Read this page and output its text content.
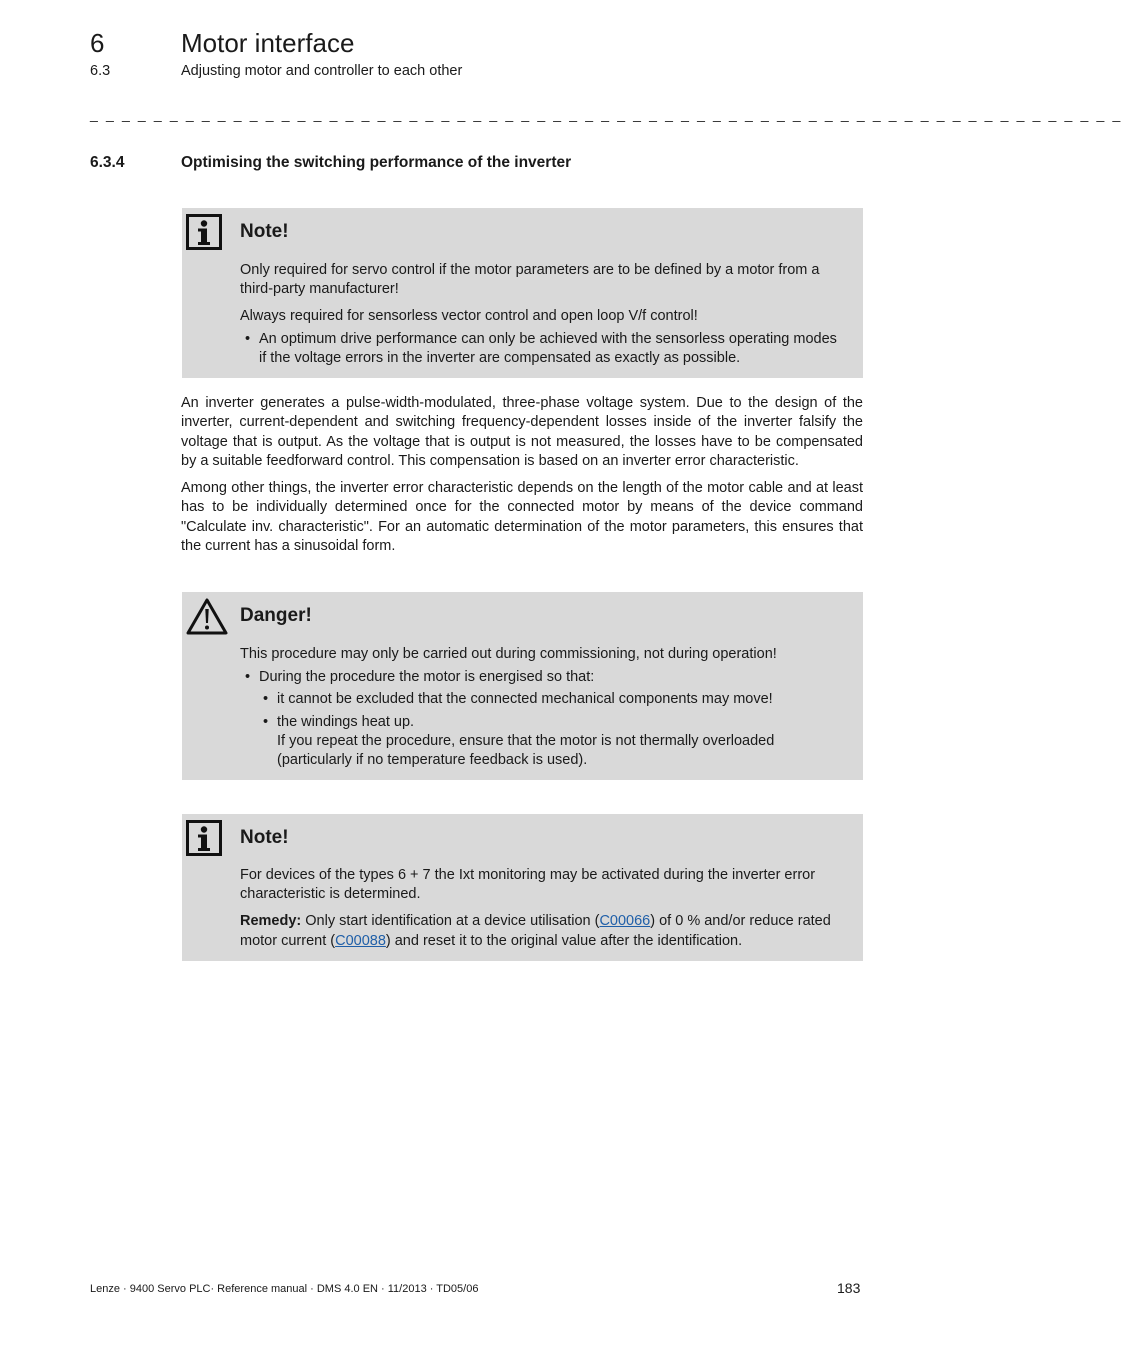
6	Motor interface
6.3	Adjusting motor and controller to each other
_ _ _ _ _ _ _ _ _ _ _ _ _ _ _ _ _ _ _ _ _ _ _ _ _ _ _ _ _ _ _ _ _ _ _ _ _ _ _ _ _ _ _ _ _ _ _ _ _ _ _ _ _ _ _ _ _ _ _ _ _ _ _ _ _
6.3.4	Optimising the switching performance of the inverter
Note!

Only required for servo control if the motor parameters are to be defined by a motor from a third-party manufacturer!

Always required for sensorless vector control and open loop V/f control!

• An optimum drive performance can only be achieved with the sensorless operating modes if the voltage errors in the inverter are compensated as exactly as possible.

An inverter generates a pulse-width-modulated, three-phase voltage system. Due to the design of the inverter, current-dependent and switching frequency-dependent losses inside of the inverter falsify the voltage that is output. As the voltage that is output is not measured, the losses have to be compensated by a suitable feedforward control. This compensation is based on an inverter error characteristic.

Among other things, the inverter error characteristic depends on the length of the motor cable and at least has to be individually determined once for the connected motor by means of the device command "Calculate inv. characteristic". For an automatic determination of the motor parameters, this ensures that the current has a sinusoidal form.

Danger!

This procedure may only be carried out during commissioning, not during operation!

• During the procedure the motor is energised so that:
• it cannot be excluded that the connected mechanical components may move!
• the windings heat up.
If you repeat the procedure, ensure that the motor is not thermally overloaded (particularly if no temperature feedback is used).
Note!

For devices of the types 6 + 7 the Ixt monitoring may be activated during the inverter error characteristic is determined.

Remedy: Only start identification at a device utilisation (C00066) of 0 % and/or reduce rated motor current (C00088) and reset it to the original value after the identification.

Lenze · 9400 Servo PLC· Reference manual · DMS 4.0 EN · 11/2013 · TD05/06	183
